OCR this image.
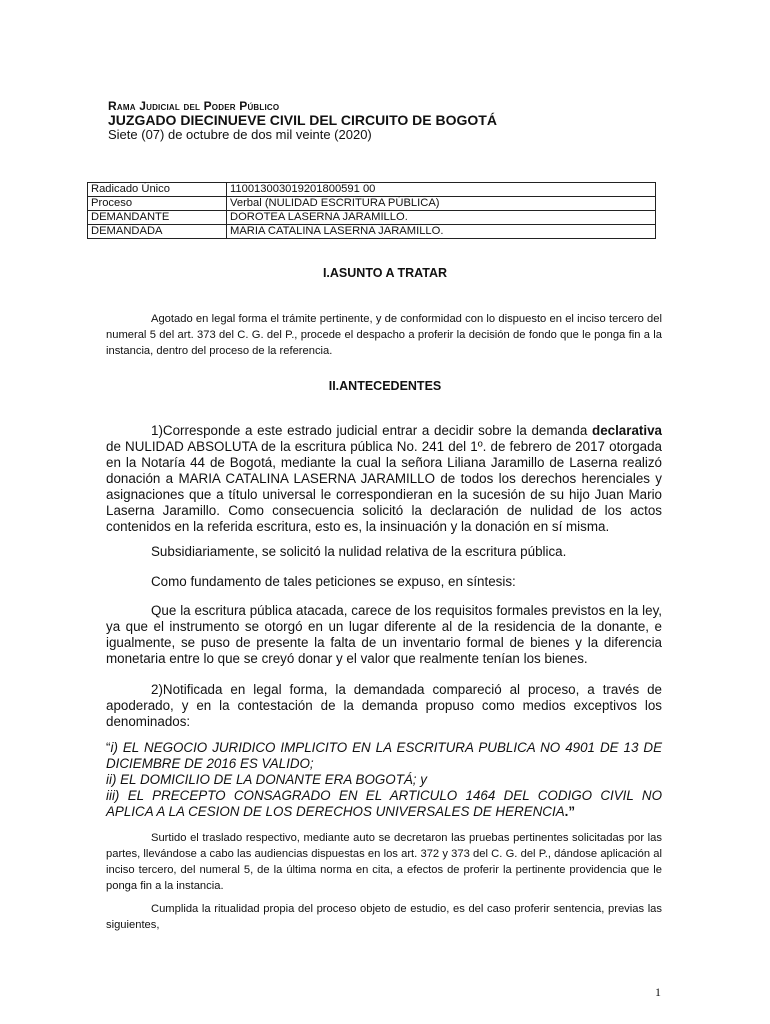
Rama Judicial del Poder Público
JUZGADO DIECINUEVE CIVIL DEL CIRCUITO DE BOGOTÁ
Siete (07) de octubre de dos mil veinte (2020)
Radicado Único	110013003019201800591 00
Proceso	Verbal (NULIDAD ESCRITURA PÚBLICA)
DEMANDANTE	DOROTEA LASERNA JARAMILLO.
DEMANDADA	MARIA CATALINA LASERNA JARAMILLO.
I.ASUNTO A TRATAR
Agotado en legal forma el trámite pertinente, y de conformidad con lo dispuesto en el inciso tercero del numeral 5 del art. 373 del C. G. del P., procede el despacho a proferir la decisión de fondo que le ponga fin a la instancia, dentro del proceso de la referencia.
II.ANTECEDENTES
1)Corresponde a este estrado judicial entrar a decidir sobre la demanda declarativa de NULIDAD ABSOLUTA de la escritura pública No. 241 del 1º. de febrero de 2017 otorgada en la Notaría 44 de Bogotá, mediante la cual la señora Liliana Jaramillo de Laserna realizó donación a MARIA CATALINA LASERNA JARAMILLO de todos los derechos herenciales y asignaciones que a título universal le correspondieran en la sucesión de su hijo Juan Mario Laserna Jaramillo. Como consecuencia solicitó la declaración de nulidad de los actos contenidos en la referida escritura, esto es, la insinuación y la donación en sí misma.
Subsidiariamente, se solicitó la nulidad relativa de la escritura pública.
Como fundamento de tales peticiones se expuso, en síntesis:
Que la escritura pública atacada, carece de los requisitos formales previstos en la ley, ya que el instrumento se otorgó en un lugar diferente al de la residencia de la donante, e igualmente, se puso de presente la falta de un inventario formal de bienes y la diferencia monetaria entre lo que se creyó donar y el valor que realmente tenían los bienes.
2)Notificada en legal forma, la demandada compareció al proceso, a través de apoderado, y en la contestación de la demanda propuso como medios exceptivos los denominados:
“i) EL NEGOCIO JURIDICO IMPLICITO EN LA ESCRITURA PUBLICA NO 4901 DE 13 DE DICIEMBRE DE 2016 ES VALIDO;
ii) EL DOMICILIO DE LA DONANTE ERA BOGOTÁ; y
iii) EL PRECEPTO CONSAGRADO EN EL ARTICULO 1464 DEL CODIGO CIVIL NO APLICA A LA CESION DE LOS DERECHOS UNIVERSALES DE HERENCIA.”
Surtido el traslado respectivo, mediante auto se decretaron las pruebas pertinentes solicitadas por las partes, llevándose a cabo las audiencias dispuestas en los art. 372 y 373 del C. G. del P., dándose aplicación al inciso tercero, del numeral 5, de la última norma en cita, a efectos de proferir la pertinente providencia que le ponga fin a la instancia.
Cumplida la ritualidad propia del proceso objeto de estudio, es del caso proferir sentencia, previas las siguientes,
1
